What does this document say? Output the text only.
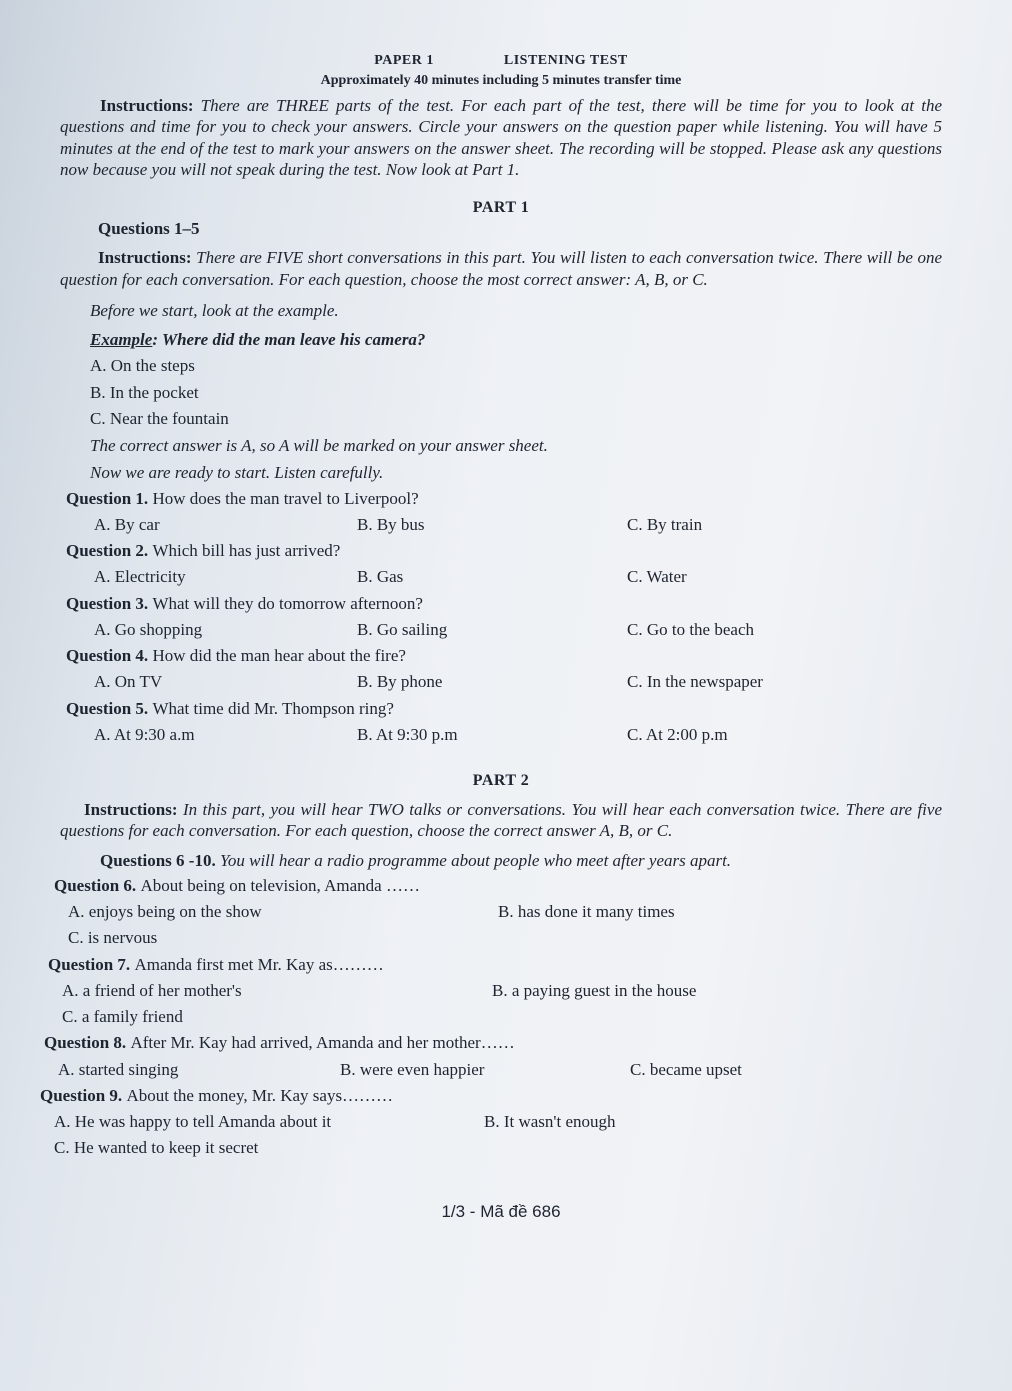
PAPER 1	LISTENING TEST
Approximately 40 minutes including 5 minutes transfer time
Instructions: There are THREE parts of the test. For each part of the test, there will be time for you to look at the questions and time for you to check your answers. Circle your answers on the question paper while listening. You will have 5 minutes at the end of the test to mark your answers on the answer sheet. The recording will be stopped. Please ask any questions now because you will not speak during the test. Now look at Part 1.
PART 1
Questions 1–5
Instructions: There are FIVE short conversations in this part. You will listen to each conversation twice. There will be one question for each conversation. For each question, choose the most correct answer: A, B, or C.
Before we start, look at the example.
Example: Where did the man leave his camera?
A. On the steps
B. In the pocket
C. Near the fountain
The correct answer is A, so A will be marked on your answer sheet.
Now we are ready to start. Listen carefully.
Question 1. How does the man travel to Liverpool?
A. By car	B. By bus	C. By train
Question 2. Which bill has just arrived?
A. Electricity	B. Gas	C. Water
Question 3. What will they do tomorrow afternoon?
A. Go shopping	B. Go sailing	C. Go to the beach
Question 4. How did the man hear about the fire?
A. On TV	B. By phone	C. In the newspaper
Question 5. What time did Mr. Thompson ring?
A. At 9:30 a.m	B. At 9:30 p.m	C. At 2:00 p.m
PART 2
Instructions: In this part, you will hear TWO talks or conversations. You will hear each conversation twice. There are five questions for each conversation. For each question, choose the correct answer A, B, or C.
Questions 6 -10. You will hear a radio programme about people who meet after years apart.
Question 6. About being on television, Amanda ……
A. enjoys being on the show	B. has done it many times
C. is nervous
Question 7. Amanda first met Mr. Kay as………
A. a friend of her mother's	B. a paying guest in the house
C. a family friend
Question 8. After Mr. Kay had arrived, Amanda and her mother……
A. started singing	B. were even happier	C. became upset
Question 9. About the money, Mr. Kay says………
A. He was happy to tell Amanda about it	B. It wasn't enough
C. He wanted to keep it secret
1/3 - Mã đề 686
